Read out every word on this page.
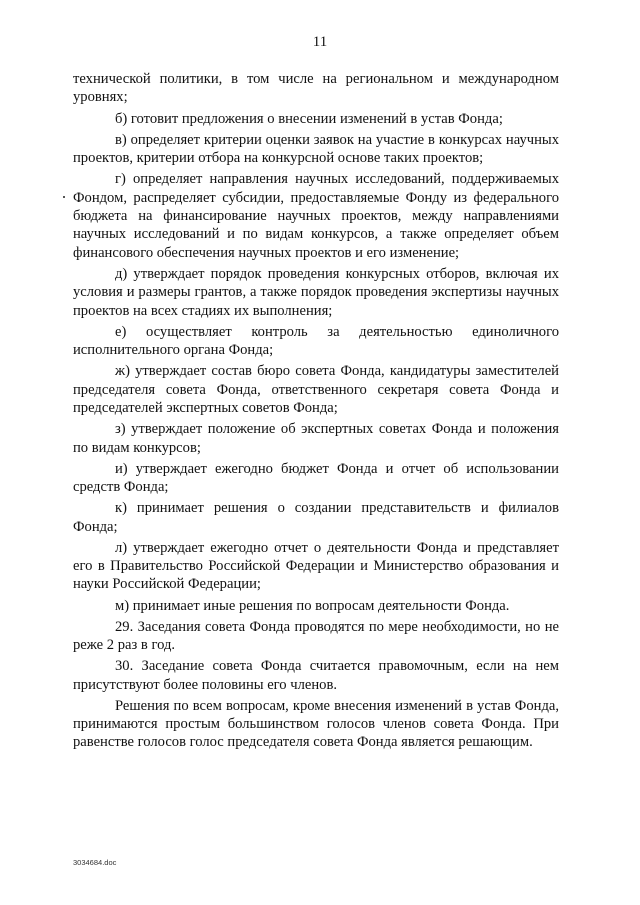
11

технической политики, в том числе на региональном и международном уровнях;

б) готовит предложения о внесении изменений в устав Фонда;

в) определяет критерии оценки заявок на участие в конкурсах научных проектов, критерии отбора на конкурсной основе таких проектов;

г) определяет направления научных исследований, поддерживаемых Фондом, распределяет субсидии, предоставляемые Фонду из федерального бюджета на финансирование научных проектов, между направлениями научных исследований и по видам конкурсов, а также определяет объем финансового обеспечения научных проектов и его изменение;

д) утверждает порядок проведения конкурсных отборов, включая их условия и размеры грантов, а также порядок проведения экспертизы научных проектов на всех стадиях их выполнения;

е) осуществляет контроль за деятельностью единоличного исполнительного органа Фонда;

ж) утверждает состав бюро совета Фонда, кандидатуры заместителей председателя совета Фонда, ответственного секретаря совета Фонда и председателей экспертных советов Фонда;

з) утверждает положение об экспертных советах Фонда и положения по видам конкурсов;

и) утверждает ежегодно бюджет Фонда и отчет об использовании средств Фонда;

к) принимает решения о создании представительств и филиалов Фонда;

л) утверждает ежегодно отчет о деятельности Фонда и представляет его в Правительство Российской Федерации и Министерство образования и науки Российской Федерации;

м) принимает иные решения по вопросам деятельности Фонда.

29. Заседания совета Фонда проводятся по мере необходимости, но не реже 2 раз в год.

30. Заседание совета Фонда считается правомочным, если на нем присутствуют более половины его членов.

Решения по всем вопросам, кроме внесения изменений в устав Фонда, принимаются простым большинством голосов членов совета Фонда. При равенстве голосов голос председателя совета Фонда является решающим.

3034684.doc
